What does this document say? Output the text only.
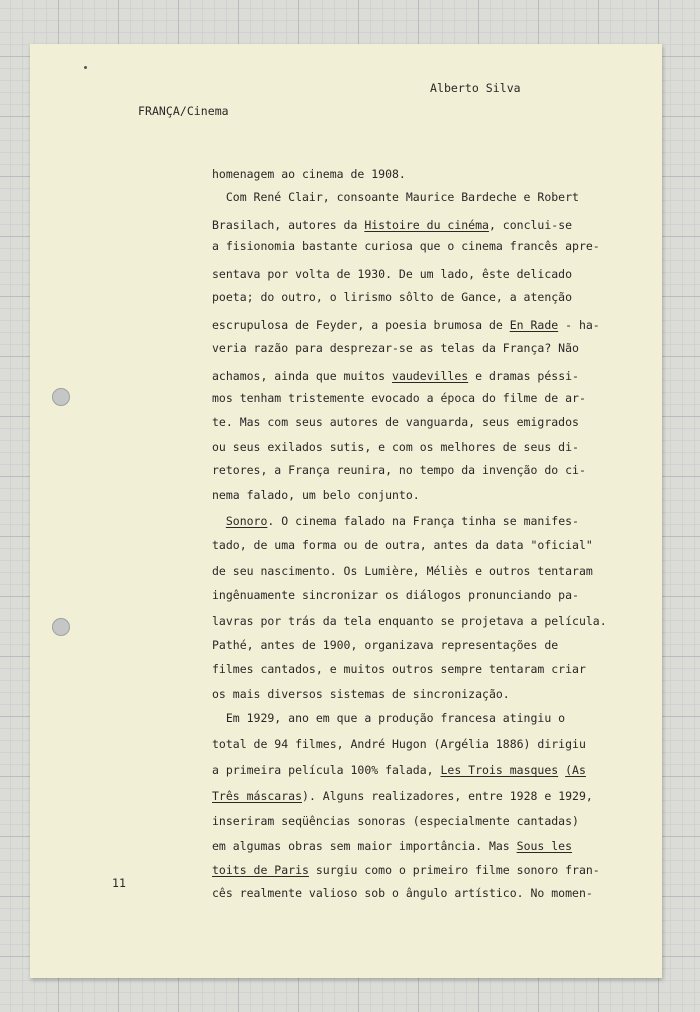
Alberto Silva
FRANÇA/Cinema
homenagem ao cinema de 1908.
Com René Clair, consoante Maurice Bardeche e Robert
Brasilach, autores da Histoire du cinéma, conclui-se
a fisionomia bastante curiosa que o cinema francês apre-
sentava por volta de 1930. De um lado, êste delicado
poeta; do outro, o lirismo sôlto de Gance, a atenção
escrupulosa de Feyder, a poesia brumosa de En Rade - ha-
veria razão para desprezar-se as telas da França? Não
achamos, ainda que muitos vaudevilles e dramas péssi-
mos tenham tristemente evocado a época do filme de ar-
te. Mas com seus autores de vanguarda, seus emigrados
ou seus exilados sutis, e com os melhores de seus di-
retores, a França reunira, no tempo da invenção do ci-
nema falado, um belo conjunto.
Sonoro. O cinema falado na França tinha se manifes-
tado, de uma forma ou de outra, antes da data "oficial"
de seu nascimento. Os Lumière, Méliès e outros tentaram
ingênuamente sincronizar os diálogos pronunciando pa-
lavras por trás da tela enquanto se projetava a película.
Pathé, antes de 1900, organizava representações de
filmes cantados, e muitos outros sempre tentaram criar
os mais diversos sistemas de sincronização.
Em 1929, ano em que a produção francesa atingiu o
total de 94 filmes, André Hugon (Argélia 1886) dirigiu
a primeira película 100% falada, Les Trois masques (As
Três máscaras). Alguns realizadores, entre 1928 e 1929,
inseriram seqüências sonoras (especialmente cantadas)
em algumas obras sem maior importância. Mas Sous les
toits de Paris surgiu como o primeiro filme sonoro fran-
cês realmente valioso sob o ângulo artístico. No momen-
11
